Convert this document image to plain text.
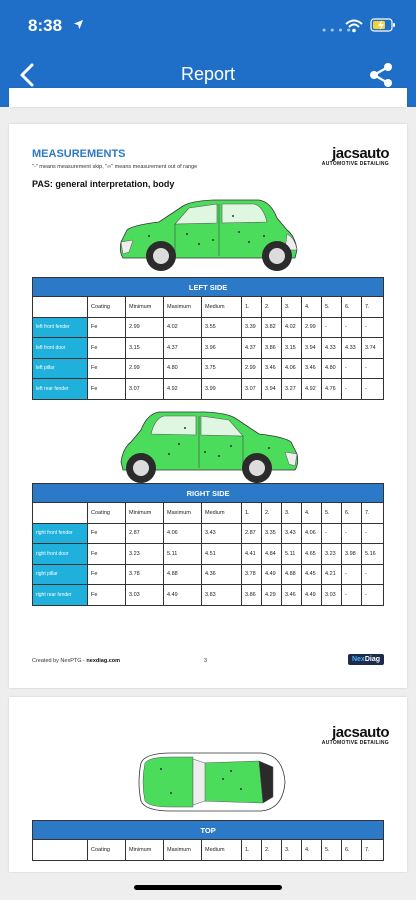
8:38	● ● ● ●
Report
MEASUREMENTS
"-" means measurement skip, "∞" means measurement out of range
PAS: general interpretation, body
jacsauto
AUTOMOTIVE DETAILING
LEFT SIDE											
	Coating	Minimum	Maximum	Medium	1.	2.	3.	4.	5.	6.	7.
left front fender	Fe	2.99	4.02	3.55	3.39	3.82	4.02	2.99	-	-	-
left front door	Fe	3.15	4.37	3.96	4.37	3.86	3.15	3.94	4.33	4.33	3.74
left pillar	Fe	2.99	4.80	3.75	2.99	3.46	4.06	3.46	4.80	-	-
left rear fender	Fe	3.07	4.92	3.99	3.07	3.94	3.27	4.92	4.76	-	-
RIGHT SIDE											
	Coating	Minimum	Maximum	Medium	1.	2.	3.	4.	5.	6.	7.
right front fender	Fe	2.87	4.06	3.43	2.87	3.35	3.43	4.06	-	-	-
right front door	Fe	3.23	5.11	4.51	4.41	4.84	5.11	4.65	3.23	3.98	5.16
right pillar	Fe	3.78	4.88	4.36	3.78	4.49	4.88	4.45	4.21	-	-
right rear fender	Fe	3.03	4.49	3.83	3.86	4.29	3.46	4.49	3.03	-	-
Created by NexPTG - nexdiag.com	3	NexDiag
jacsauto
AUTOMOTIVE DETAILING
TOP
	Coating	Minimum	Maximum	Medium	1.	2.	3.	4.	5.	6.	7.
